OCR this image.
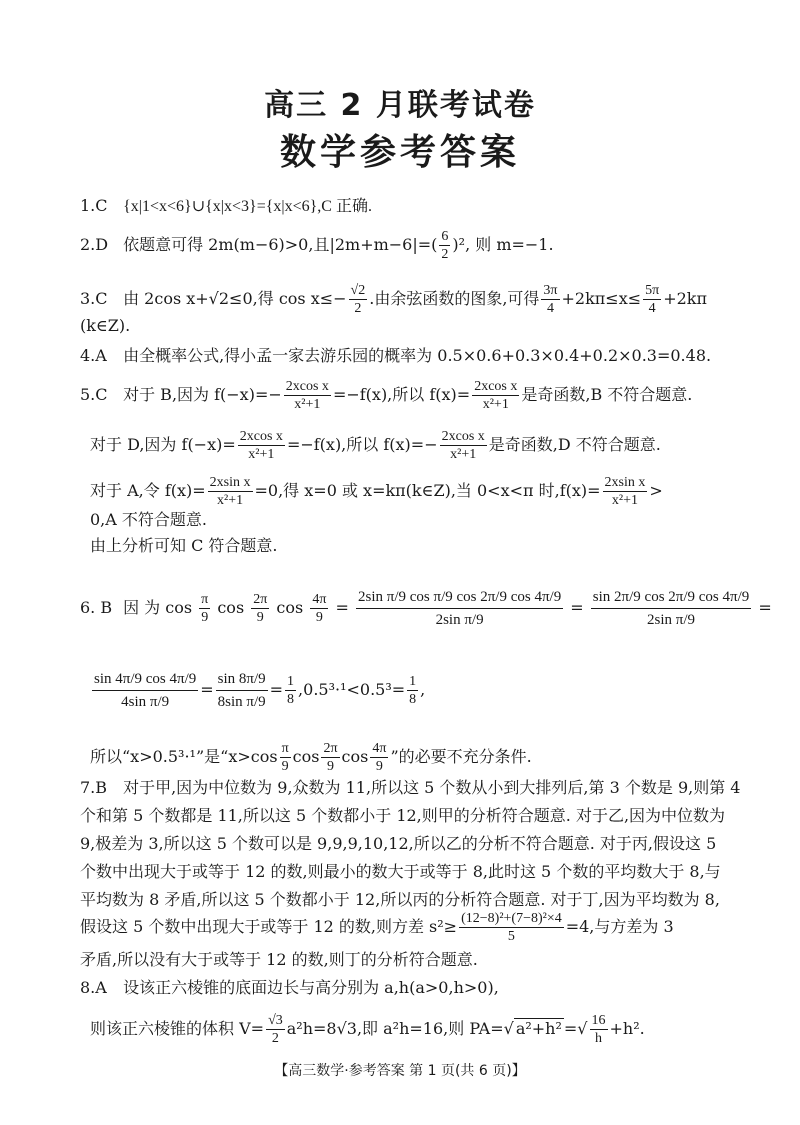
高三 2 月联考试卷
数学参考答案
1.C {x|1<x<6}∪{x|x<3}={x|x<6},C 正确.
2.D 依题意可得 2m(m−6)>0,且$|2m+m-6|=( \frac{6}{2} )^2$, 则 m=−1.
3.C 由 2cos x+√2≤0,得 $\cos x\le- \frac{√2}{2}$ .由余弦函数的图象,可得 $\frac{3\pi}{4} +2k\pi\le x\le \frac{5\pi}{4} +2k\pi$
(k∈Z).
4.A 由全概率公式,得小孟一家去游乐园的概率为 0.5×0.6+0.3×0.4+0.2×0.3=0.48.
5.C 对于 B,因为 $f(-x)=- \frac{\text{2xcos x}}{\text{x²+1}} =-f(x)$,所以 $f(x)= \frac{\text{2xcos x}}{\text{x²+1}}$ 是奇函数,B 不符合题意.
对于 D,因为 $f(-x)= \frac{\text{2xcos x}}{\text{x²+1}} =-f(x)$,所以 $f(x)=- \frac{\text{2xcos x}}{\text{x²+1}}$ 是奇函数,D 不符合题意.
对于 A,令 $f(x)= \frac{\text{2xsin x}}{\text{x²+1}} =0$,得 x=0 或 x=kπ(k∈Z),当 0<x<π 时$,f(x)= \frac{\text{2xsin x}}{\text{x²+1}}$ >
0,A 不符合题意.
由上分析可知 C 符合题意.
6. B 因 为 $\cos \frac{\pi}{9}$ $\cos \frac{2\pi}{9}$ $\cos \frac{4\pi}{9} = \frac{\text{2sin π/9 cos π/9 cos 2π/9 cos 4π/9}}{\text{2sin π/9}} = \frac{\sin 2\pi/9 \cos 2\pi/9 \cos 4\pi/9}{\text{2sin π/9}}$ =
$\frac{\sin 4\pi/9 \cos 4\pi/9}{\text{4sin π/9}} = \frac{\sin 8\pi/9}{\text{8sin π/9}} = \frac{1}{8} ,0.5^3\cdot^1<0.5^3= \frac{1}{8}$ ,
所以“x>0.5³·¹”是“$x>\cos \frac{\pi}{9}$ $\cos \frac{2\pi}{9}$ $\cos \frac{4\pi}{9}$ ”的必要不充分条件.
7.B 对于甲,因为中位数为 9,众数为 11,所以这 5 个数从小到大排列后,第 3 个数是 9,则第 4
个和第 5 个数都是 11,所以这 5 个数都小于 12,则甲的分析符合题意. 对于乙,因为中位数为
9,极差为 3,所以这 5 个数可以是 9,9,9,10,12,所以乙的分析不符合题意. 对于丙,假设这 5
个数中出现大于或等于 12 的数,则最小的数大于或等于 8,此时这 5 个数的平均数大于 8,与
平均数为 8 矛盾,所以这 5 个数都小于 12,所以丙的分析符合题意. 对于丁,因为平均数为 8,
假设这 5 个数中出现大于或等于 12 的数,则方差 $s^2\ge \frac{\text{(12−8)²+(7−8)²×4}}{5} =4$,与方差为 3
矛盾,所以没有大于或等于 12 的数,则丁的分析符合题意.
8.A 设该正六棱锥的底面边长与高分别为 a,h(a>0,h>0),
则该正六棱锥的体积 $V= \frac{√3}{2} a^2h=8√3$,即 a²h=16,则 PA=√ a²+h² =√ $\frac{16}{h} +h^2$.
【高三数学·参考答案 第 1 页(共 6 页)】
